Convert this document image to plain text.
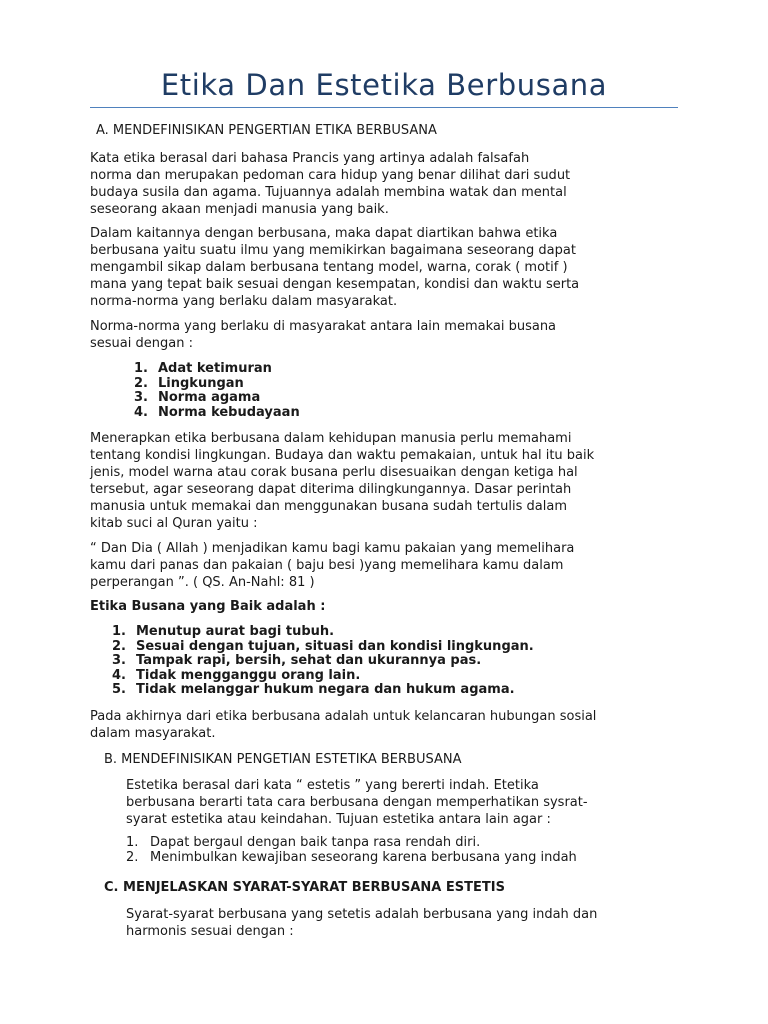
Etika Dan Estetika Berbusana
A. MENDEFINISIKAN PENGERTIAN ETIKA BERBUSANA

Kata etika berasal dari bahasa Prancis yang artinya adalah falsafah
norma dan merupakan pedoman cara hidup yang benar dilihat dari sudut
budaya susila dan agama. Tujuannya adalah membina watak dan mental
seseorang akaan menjadi manusia yang baik.

Dalam kaitannya dengan berbusana, maka dapat diartikan bahwa etika
berbusana yaitu suatu ilmu yang memikirkan bagaimana seseorang dapat
mengambil sikap dalam berbusana tentang model, warna, corak ( motif )
mana yang tepat baik sesuai dengan kesempatan, kondisi dan waktu serta
norma-norma yang berlaku dalam masyarakat.

Norma-norma yang berlaku di masyarakat antara lain memakai busana
sesuai dengan :

1. Adat ketimuran
2. Lingkungan
3. Norma agama
4. Norma kebudayaan

Menerapkan etika berbusana dalam kehidupan manusia perlu memahami
tentang kondisi lingkungan. Budaya dan waktu pemakaian, untuk hal itu baik
jenis, model warna atau corak busana perlu disesuaikan dengan ketiga hal
tersebut, agar seseorang dapat diterima dilingkungannya. Dasar perintah
manusia untuk memakai dan menggunakan busana sudah tertulis dalam
kitab suci al Quran yaitu :

“ Dan Dia ( Allah ) menjadikan kamu bagi kamu pakaian yang memelihara
kamu dari panas dan pakaian ( baju besi )yang memelihara kamu dalam
perperangan ”. ( QS. An-Nahl: 81 )

Etika Busana yang Baik adalah :
1. Menutup aurat bagi tubuh.
2. Sesuai dengan tujuan, situasi dan kondisi lingkungan.
3. Tampak rapi, bersih, sehat dan ukurannya pas.
4. Tidak mengganggu orang lain.
5. Tidak melanggar hukum negara dan hukum agama.

Pada akhirnya dari etika berbusana adalah untuk kelancaran hubungan sosial
dalam masyarakat.

B. MENDEFINISIKAN PENGETIAN ESTETIKA BERBUSANA

Estetika berasal dari kata “ estetis ” yang bererti indah. Etetika
berbusana berarti tata cara berbusana dengan memperhatikan sysrat-
syarat estetika atau keindahan. Tujuan estetika antara lain agar :

1. Dapat bergaul dengan baik tanpa rasa rendah diri.
2. Menimbulkan kewajiban seseorang karena berbusana yang indah
C. MENJELASKAN SYARAT-SYARAT BERBUSANA ESTETIS

Syarat-syarat berbusana yang setetis adalah berbusana yang indah dan
harmonis sesuai dengan :
